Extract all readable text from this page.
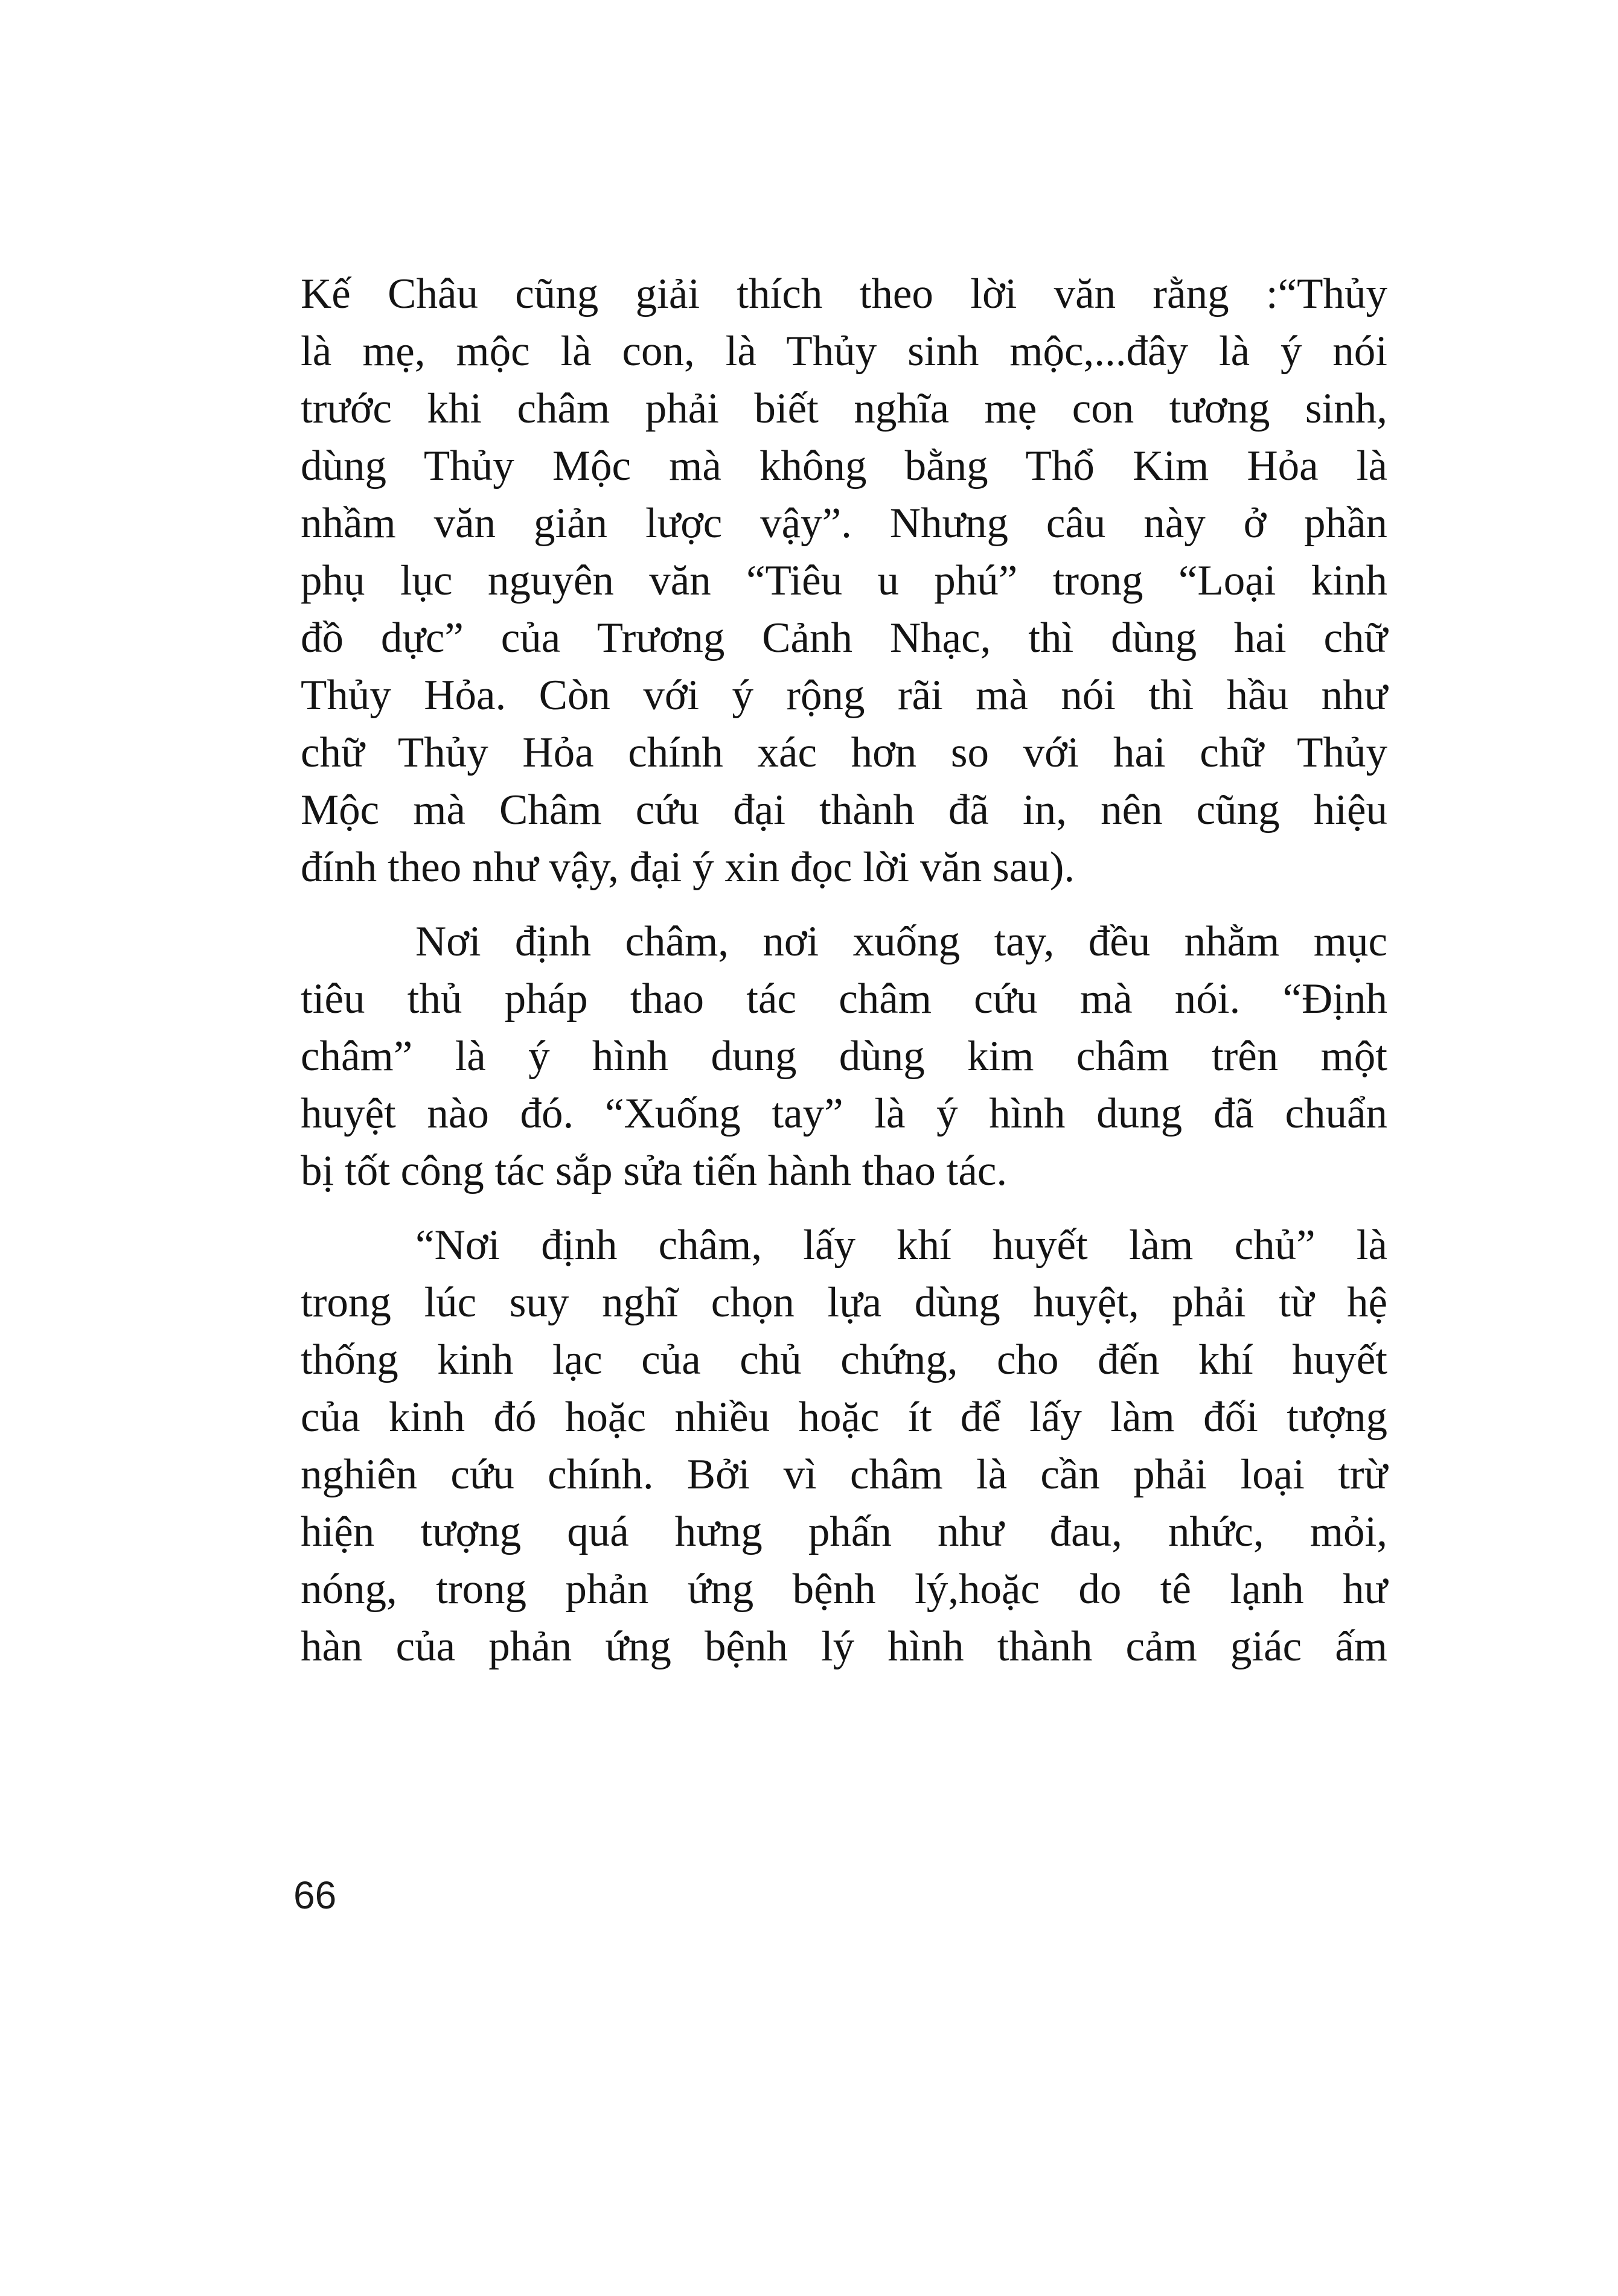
Kế Châu cũng giải thích theo lời văn rằng :“Thủy
là mẹ, mộc là con, là Thủy sinh mộc,...đây là ý nói
trước khi châm phải biết nghĩa mẹ con tương sinh,
dùng Thủy Mộc mà không bằng Thổ Kim Hỏa là
nhầm văn giản lược vậy”. Nhưng câu này ở phần
phụ lục nguyên văn “Tiêu u phú” trong “Loại kinh
đồ dực” của Trương Cảnh Nhạc, thì dùng hai chữ
Thủy Hỏa. Còn với ý rộng rãi mà nói thì hầu như
chữ Thủy Hỏa chính xác hơn so với hai chữ Thủy
Mộc mà Châm cứu đại thành đã in, nên cũng hiệu
đính theo như vậy, đại ý xin đọc lời văn sau).
Nơi định châm, nơi xuống tay, đều nhằm mục
tiêu thủ pháp thao tác châm cứu mà nói. “Định
châm” là ý hình dung dùng kim châm trên một
huyệt nào đó. “Xuống tay” là ý hình dung đã chuẩn
bị tốt công tác sắp sửa tiến hành thao tác.
“Nơi định châm, lấy khí huyết làm chủ” là
trong lúc suy nghĩ chọn lựa dùng huyệt, phải từ hệ
thống kinh lạc của chủ chứng, cho đến khí huyết
của kinh đó hoặc nhiều hoặc ít để lấy làm đối tượng
nghiên cứu chính. Bởi vì châm là cần phải loại trừ
hiện tượng quá hưng phấn như đau, nhức, mỏi,
nóng, trong phản ứng bệnh lý,hoặc do tê lạnh hư
hàn của phản ứng bệnh lý hình thành cảm giác ấm
66
